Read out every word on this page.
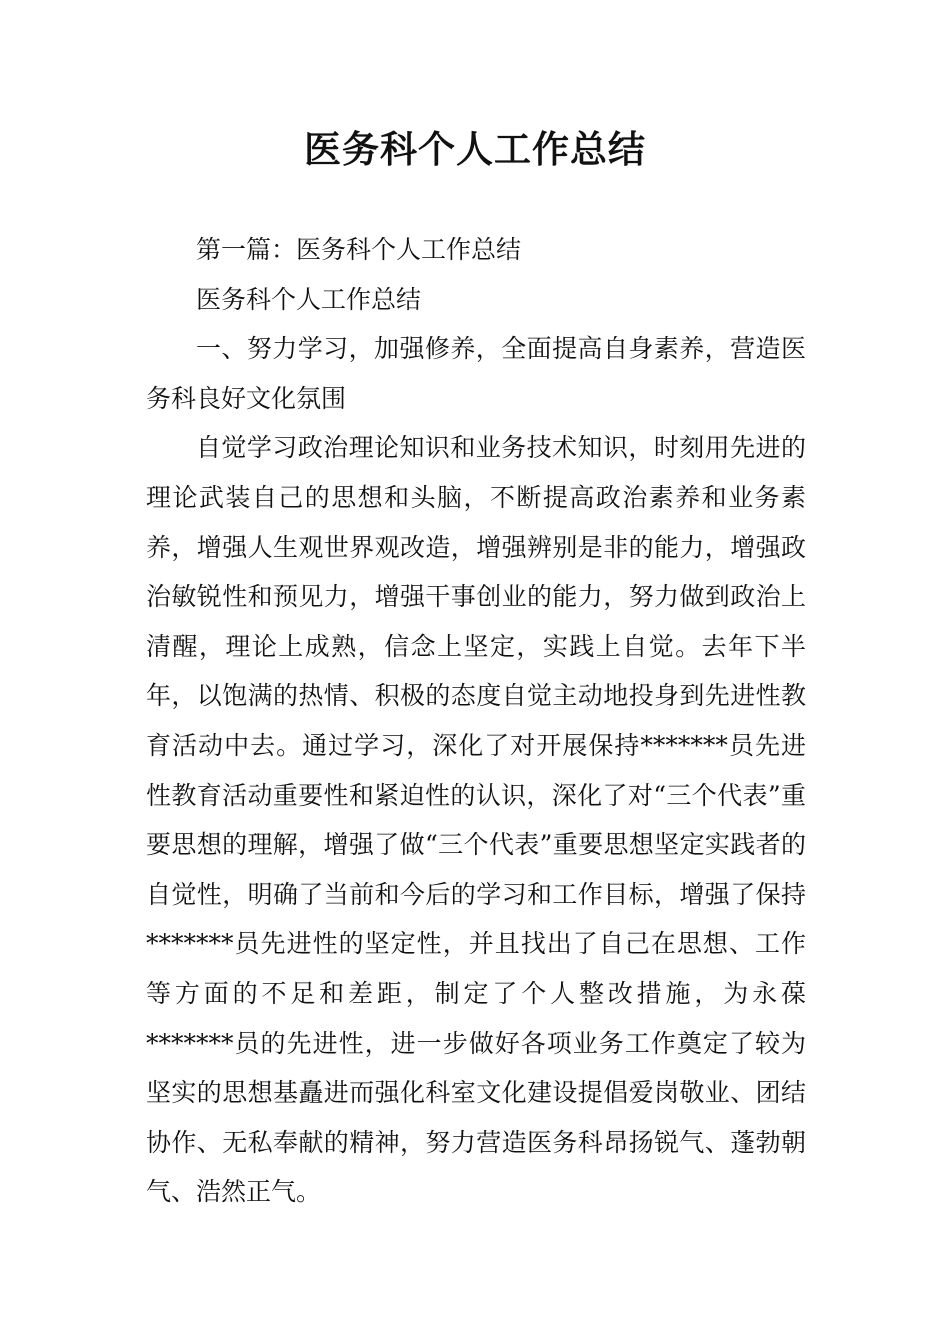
医务科个人工作总结

第一篇：医务科个人工作总结

医务科个人工作总结

一、努力学习，加强修养，全面提高自身素养，营造医务科良好文化氛围

自觉学习政治理论知识和业务技术知识，时刻用先进的理论武装自己的思想和头脑，不断提高政治素养和业务素养，增强人生观世界观改造，增强辨别是非的能力，增强政治敏锐性和预见力，增强干事创业的能力，努力做到政治上清醒，理论上成熟，信念上坚定，实践上自觉。去年下半年，以饱满的热情、积极的态度自觉主动地投身到先进性教育活动中去。通过学习，深化了对开展保持*******员先进性教育活动重要性和紧迫性的认识，深化了对“三个代表”重要思想的理解，增强了做“三个代表”重要思想坚定实践者的自觉性，明确了当前和今后的学习和工作目标，增强了保持*******员先进性的坚定性，并且找出了自己在思想、工作等方面的不足和差距，制定了个人整改措施，为永葆*******员的先进性，进一步做好各项业务工作奠定了较为坚实的思想基矗进而强化科室文化建设提倡爱岗敬业、团结协作、无私奉献的精神，努力营造医务科昂扬锐气、蓬勃朝气、浩然正气。
